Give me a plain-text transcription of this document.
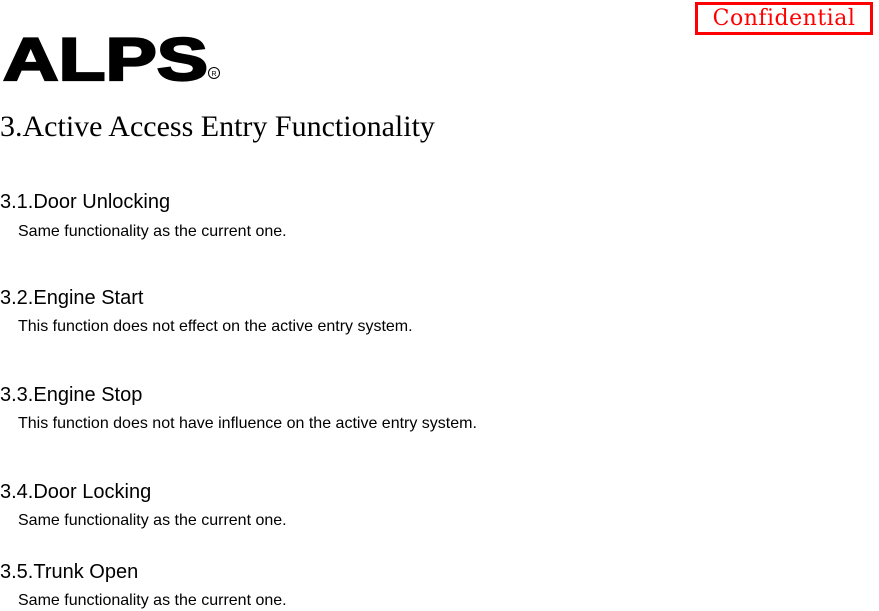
ALPS R
Confidential
3.Active Access Entry Functionality
3.1.Door Unlocking
Same functionality as the current one.
3.2.Engine Start
This function does not effect on the active entry system.
3.3.Engine Stop
This function does not have influence on the active entry system.
3.4.Door Locking
Same functionality as the current one.
3.5.Trunk Open
Same functionality as the current one.
